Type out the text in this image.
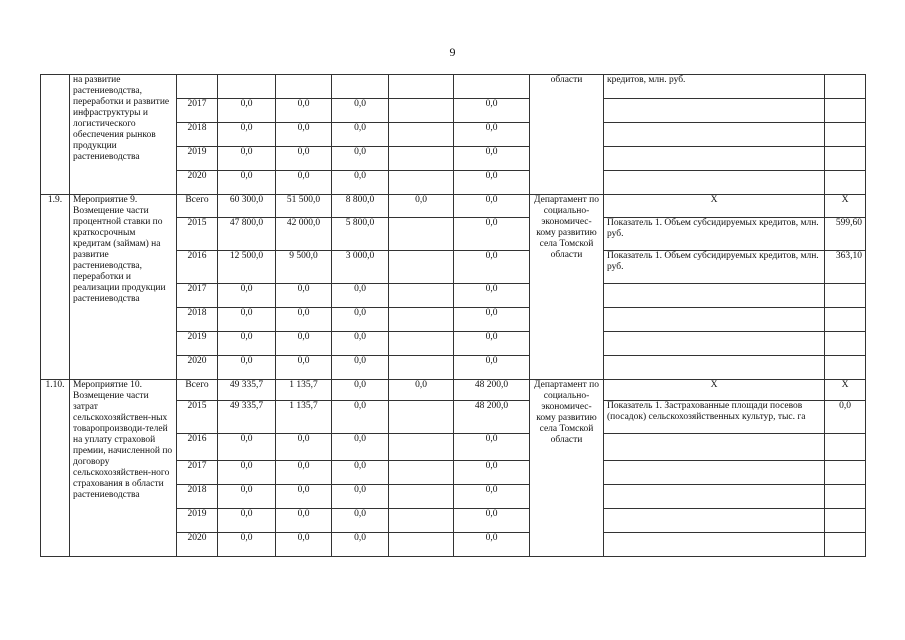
9
	на развитие растениеводства, переработки и развитие инфраструктуры и логистического обеспечения рынков продукции растениеводства							области	кредитов, млн. руб.	
		2017	0,0	0,0	0,0		0,0			
		2018	0,0	0,0	0,0		0,0			
		2019	0,0	0,0	0,0		0,0			
		2020	0,0	0,0	0,0		0,0			
1.9.	Мероприятие 9. Возмещение части процентной ставки по краткосрочным кредитам (займам) на развитие растениеводства, переработки и реализации продукции растениеводства	Всего	60 300,0	51 500,0	8 800,0	0,0	0,0	Департамент по социально-экономичес-кому развитию села Томской области	Х	Х
		2015	47 800,0	42 000,0	5 800,0		0,0		Показатель 1. Объем субсидируемых кредитов, млн. руб.	599,60
		2016	12 500,0	9 500,0	3 000,0		0,0		Показатель 1. Объем субсидируемых кредитов, млн. руб.	363,10
		2017	0,0	0,0	0,0		0,0			
		2018	0,0	0,0	0,0		0,0			
		2019	0,0	0,0	0,0		0,0			
		2020	0,0	0,0	0,0		0,0			
1.10.	Мероприятие 10. Возмещение части затрат сельскохозяйствен-ных товаропроизводи-телей на уплату страховой премии, начисленной по договору сельскохозяйствен-ного страхования в области растениеводства	Всего	49 335,7	1 135,7	0,0	0,0	48 200,0	Департамент по социально-экономичес-кому развитию села Томской области	Х	Х
		2015	49 335,7	1 135,7	0,0		48 200,0		Показатель 1. Застрахованные площади посевов (посадок) сельскохозяйственных культур, тыс. га	0,0
		2016	0,0	0,0	0,0		0,0			
		2017	0,0	0,0	0,0		0,0			
		2018	0,0	0,0	0,0		0,0			
		2019	0,0	0,0	0,0		0,0			
		2020	0,0	0,0	0,0		0,0			
